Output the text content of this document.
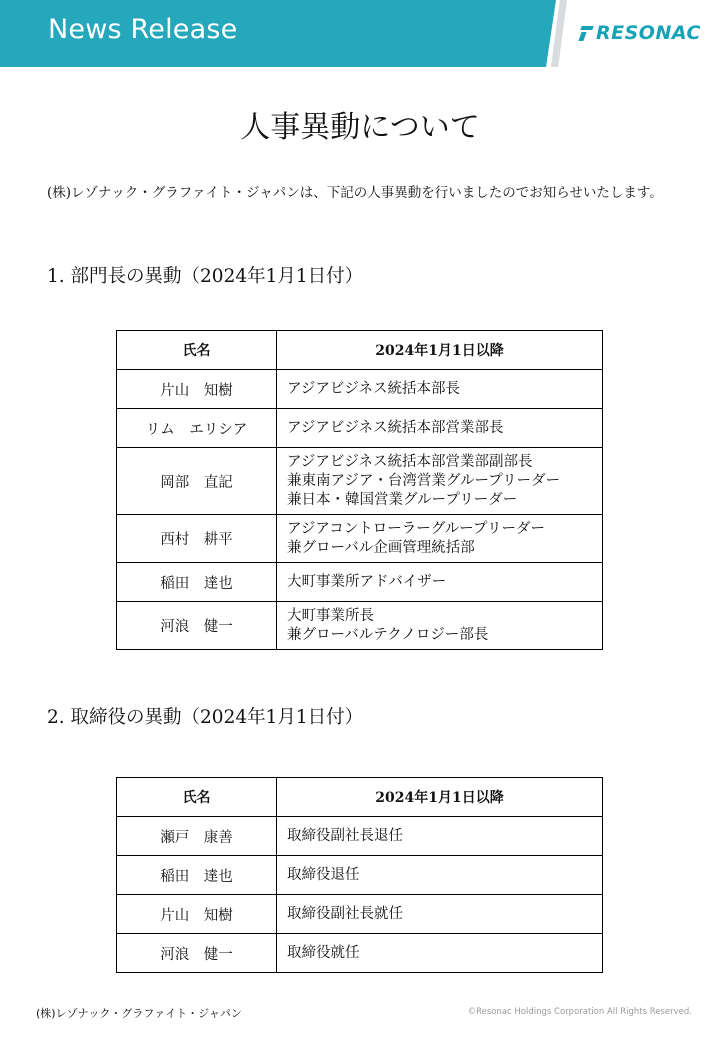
News Release	RESONAC
人事異動について
(株)レゾナック・グラファイト・ジャパンは、下記の人事異動を行いましたのでお知らせいたします。
1. 部門長の異動（2024年1月1日付）
氏名	2024年1月1日以降
片山　知樹	アジアビジネス統括本部長
リム　エリシア	アジアビジネス統括本部営業部長
岡部　直記	アジアビジネス統括本部営業部副部長
兼東南アジア・台湾営業グループリーダー
兼日本・韓国営業グループリーダー
西村　耕平	アジアコントローラーグループリーダー
兼グローバル企画管理統括部
稲田　達也	大町事業所アドバイザー
河浪　健一	大町事業所長
兼グローバルテクノロジー部長
2. 取締役の異動（2024年1月1日付）
氏名	2024年1月1日以降
瀬戸　康善	取締役副社長退任
稲田　達也	取締役退任
片山　知樹	取締役副社長就任
河浪　健一	取締役就任
(株)レゾナック・グラファイト・ジャパン	©Resonac Holdings Corporation All Rights Reserved.
